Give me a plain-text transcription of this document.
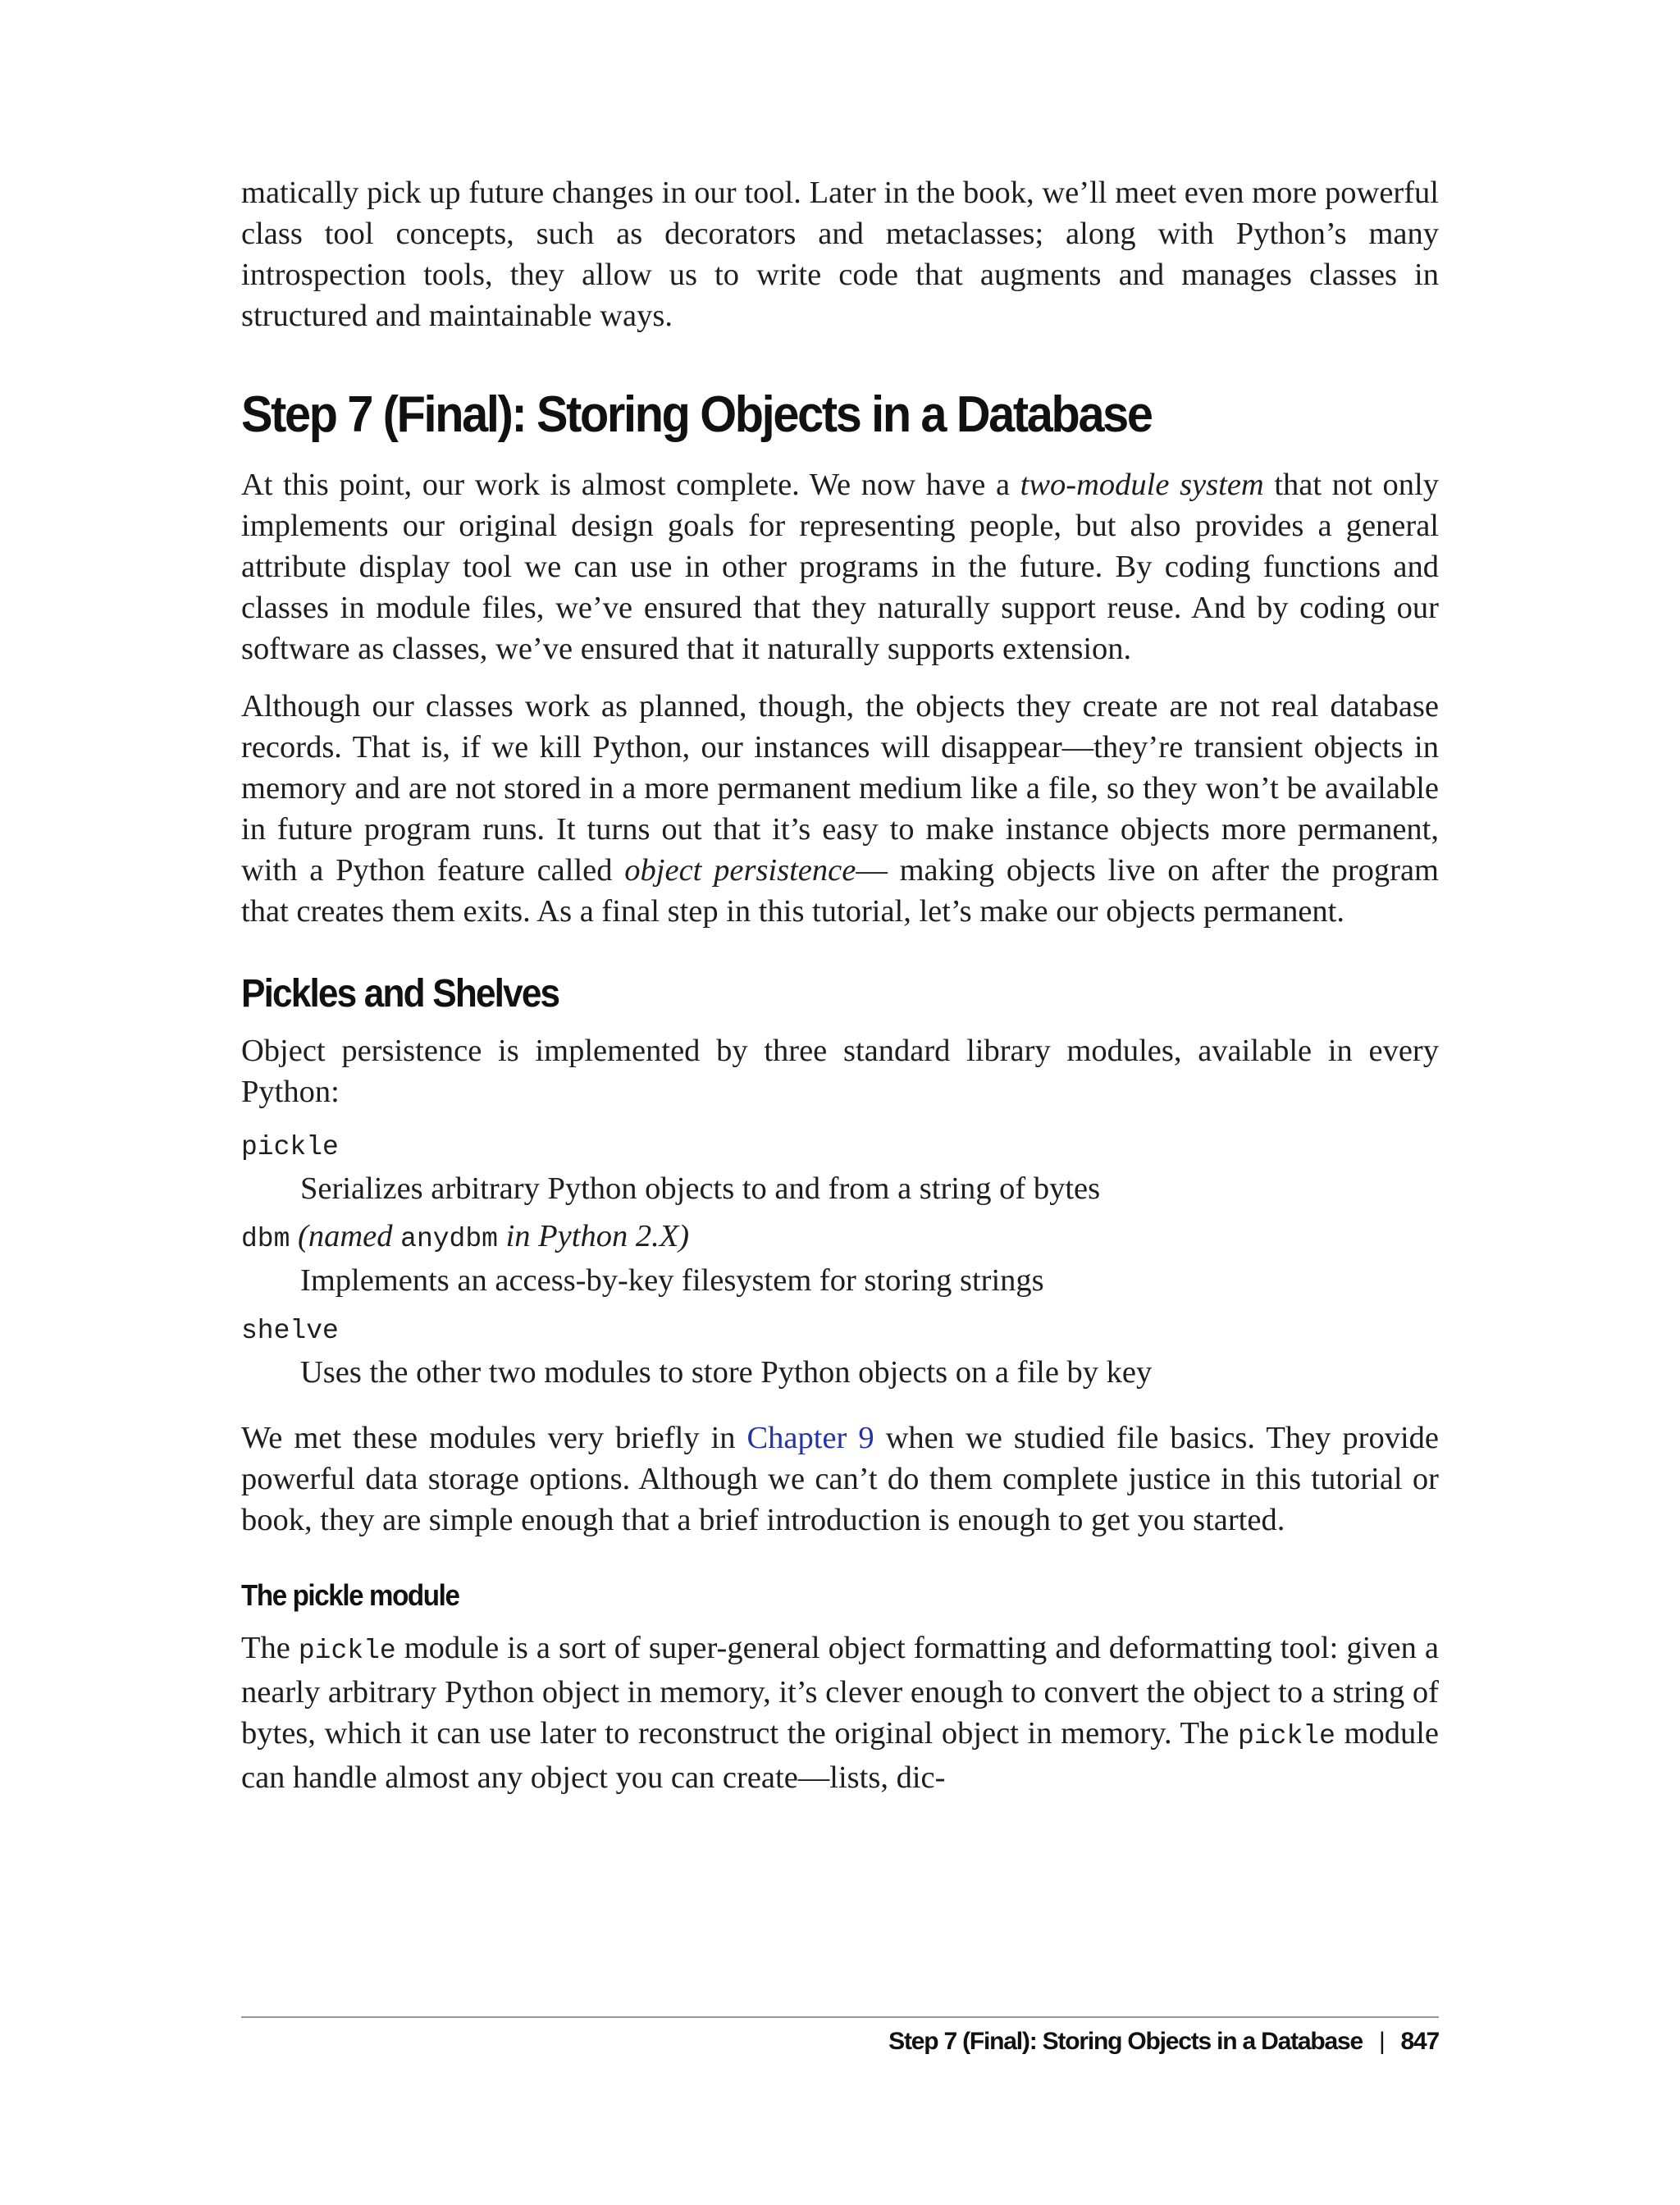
matically pick up future changes in our tool. Later in the book, we’ll meet even more powerful class tool concepts, such as decorators and metaclasses; along with Python’s many introspection tools, they allow us to write code that augments and manages classes in structured and maintainable ways.

Step 7 (Final): Storing Objects in a Database

At this point, our work is almost complete. We now have a two-module system that not only implements our original design goals for representing people, but also provides a general attribute display tool we can use in other programs in the future. By coding functions and classes in module files, we’ve ensured that they naturally support reuse. And by coding our software as classes, we’ve ensured that it naturally supports extension.

Although our classes work as planned, though, the objects they create are not real database records. That is, if we kill Python, our instances will disappear—they’re transient objects in memory and are not stored in a more permanent medium like a file, so they won’t be available in future program runs. It turns out that it’s easy to make instance objects more permanent, with a Python feature called object persistence— making objects live on after the program that creates them exits. As a final step in this tutorial, let’s make our objects permanent.

Pickles and Shelves

Object persistence is implemented by three standard library modules, available in every Python:

pickle
Serializes arbitrary Python objects to and from a string of bytes
dbm (named anydbm in Python 2.X)
Implements an access-by-key filesystem for storing strings
shelve
Uses the other two modules to store Python objects on a file by key

We met these modules very briefly in Chapter 9 when we studied file basics. They provide powerful data storage options. Although we can’t do them complete justice in this tutorial or book, they are simple enough that a brief introduction is enough to get you started.

The pickle module

The pickle module is a sort of super-general object formatting and deformatting tool: given a nearly arbitrary Python object in memory, it’s clever enough to convert the object to a string of bytes, which it can use later to reconstruct the original object in memory. The pickle module can handle almost any object you can create—lists, dic-

Step 7 (Final): Storing Objects in a Database | 847
